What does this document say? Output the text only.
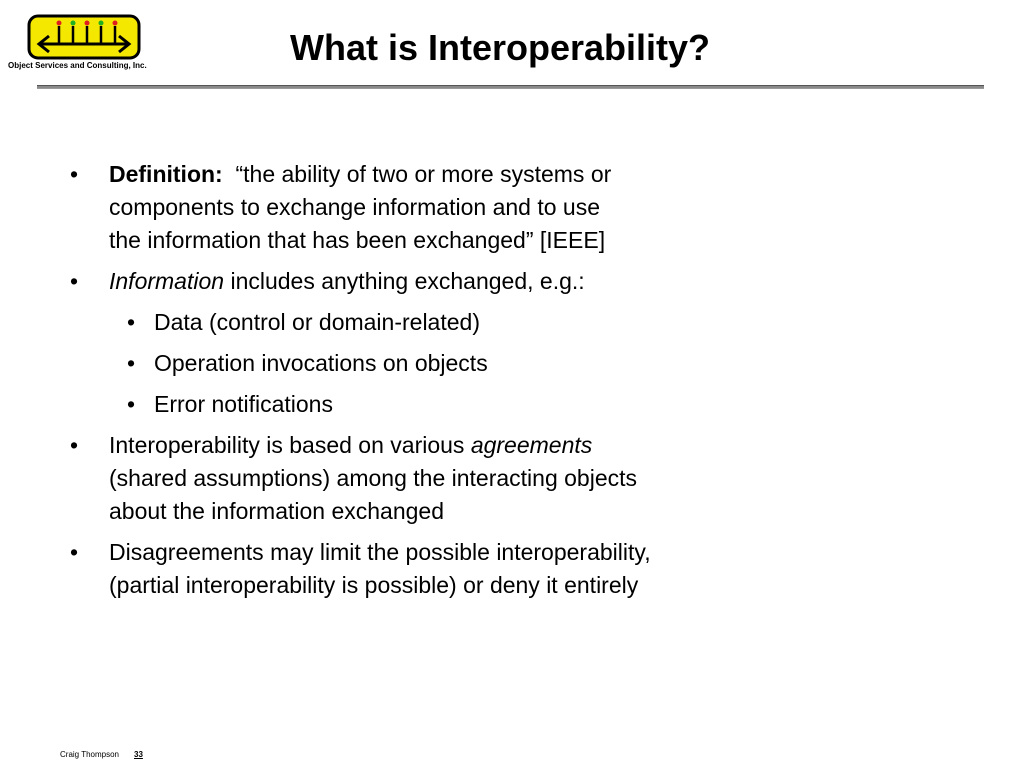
Object Services and Consulting, Inc.	What is Interoperability?
• Definition: “the ability of two or more systems or
components to exchange information and to use
the information that has been exchanged” [IEEE]
• Information includes anything exchanged, e.g.:
• Data (control or domain-related)
• Operation invocations on objects
• Error notifications
• Interoperability is based on various agreements
(shared assumptions) among the interacting objects
about the information exchanged
• Disagreements may limit the possible interoperability,
(partial interoperability is possible) or deny it entirely
Craig Thompson 33
